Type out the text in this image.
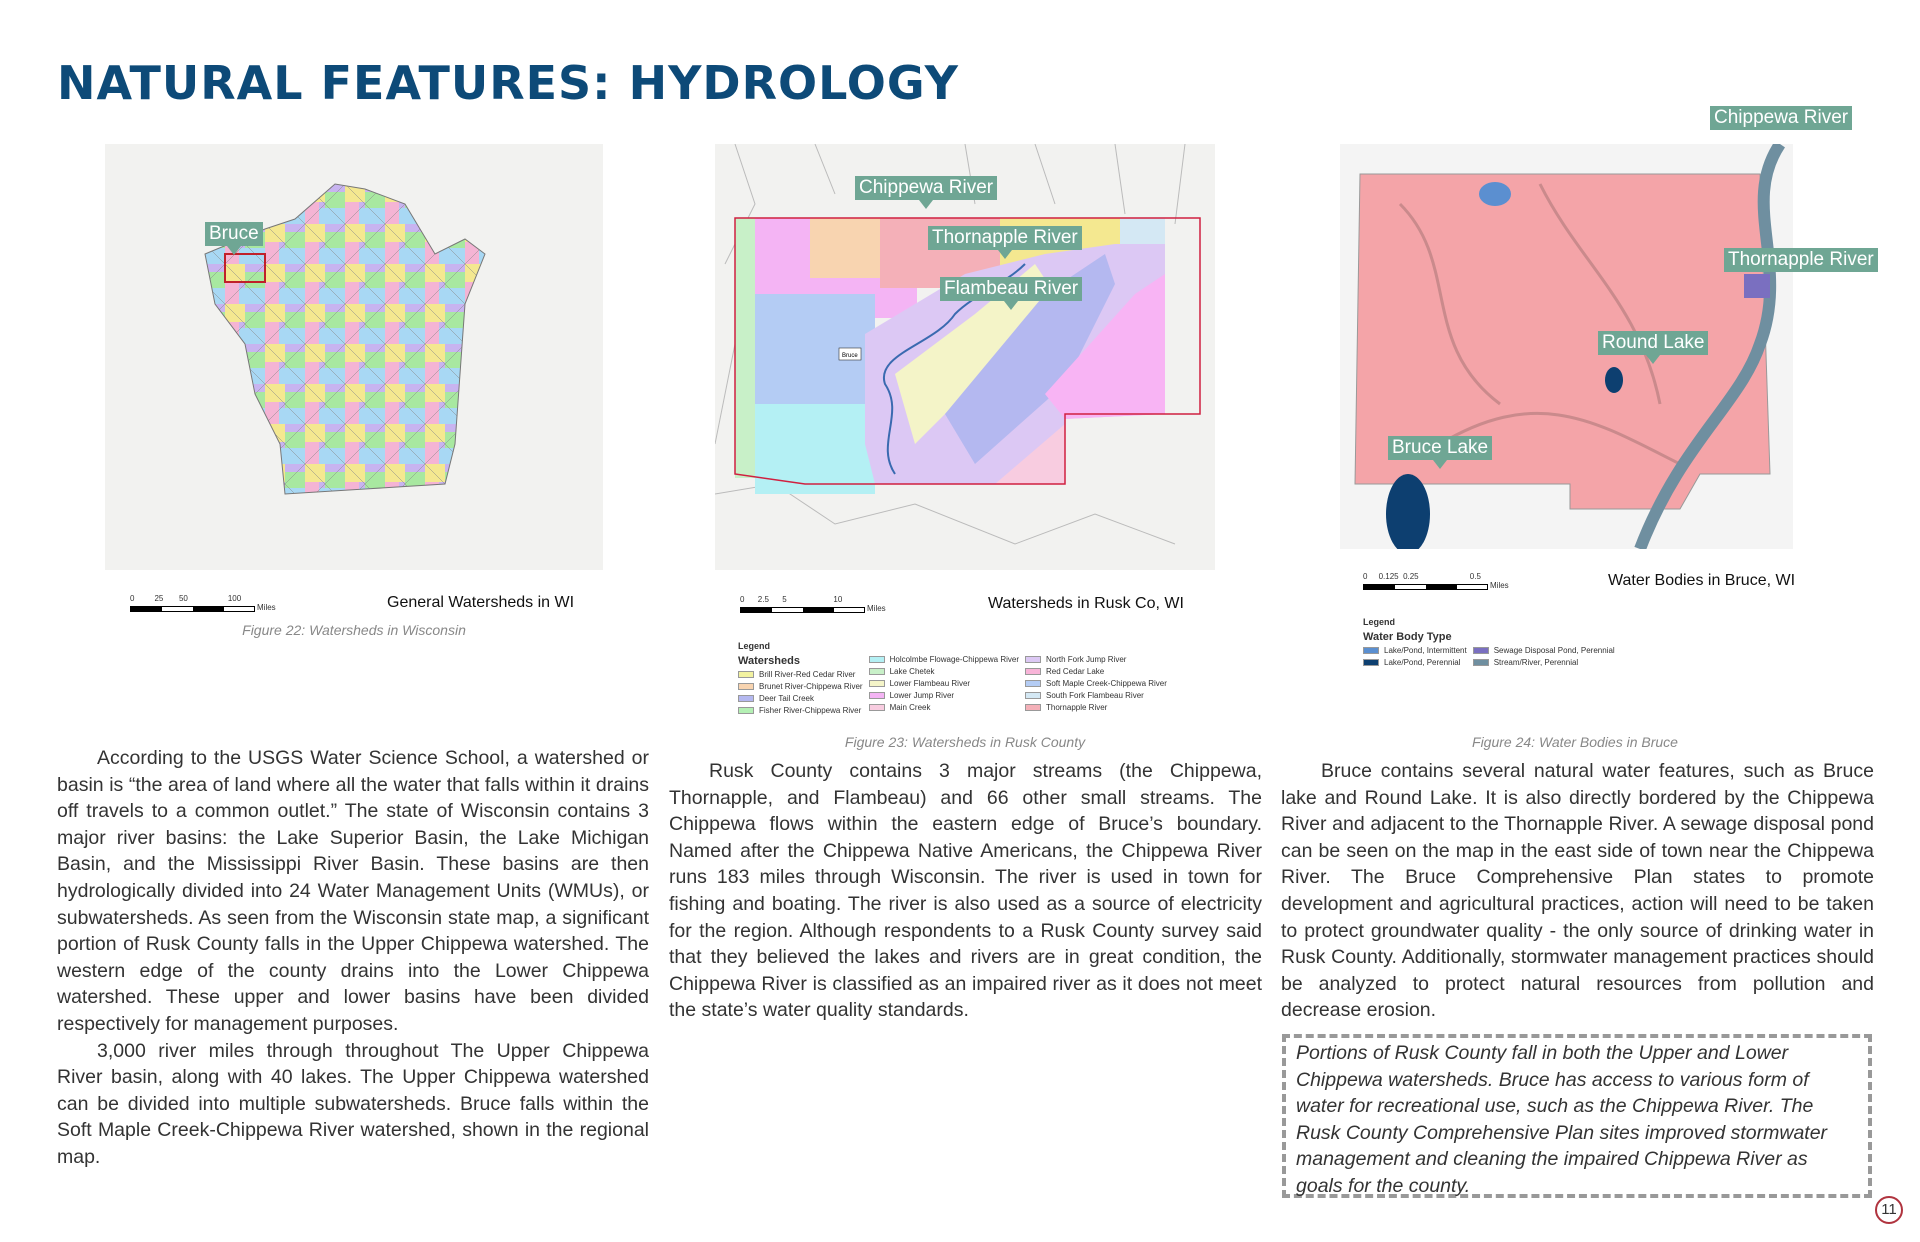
NATURAL FEATURES: HYDROLOGY
Bruce
0	25 50	100
Miles	General Watersheds in WI
Figure 22: Watersheds in Wisconsin
Bruce
Chippewa River
Thornapple River
Flambeau River
0 2.5 5	10
Miles	Watersheds in Rusk Co, WI
Legend
Watersheds
Brill River-Red Cedar River
Brunet River-Chippewa River
Deer Tail Creek
Fisher River-Chippewa River
Holcolmbe Flowage-Chippewa River
Lake Chetek
Lower Flambeau River
Lower Jump River
Main Creek
North Fork Jump River
Red Cedar Lake
Soft Maple Creek-Chippewa River
South Fork Flambeau River
Thornapple River
Figure 23: Watersheds in Rusk County
Round Lake
Bruce Lake
Chippewa River
Thornapple River
0 0.125 0.25	0.5
Miles	Water Bodies in Bruce, WI
Legend
Water Body Type
Lake/Pond, Intermittent
Lake/Pond, Perennial
Sewage Disposal Pond, Perennial
Stream/River, Perennial
Figure 24: Water Bodies in Bruce

According to the USGS Water Science School, a watershed or basin is “the area of land where all the water that falls within it drains off travels to a common outlet.” The state of Wisconsin contains 3 major river basins: the Lake Superior Basin, the Lake Michigan Basin, and the Mississippi River Basin. These basins are then hydrologically divided into 24 Water Management Units (WMUs), or subwatersheds. As seen from the Wisconsin state map, a significant portion of Rusk County falls in the Upper Chippewa watershed. The western edge of the county drains into the Lower Chippewa watershed. These upper and lower basins have been divided respectively for management purposes.

3,000 river miles through throughout The Upper Chippewa River basin, along with 40 lakes. The Upper Chippewa watershed can be divided into multiple subwatersheds. Bruce falls within the Soft Maple Creek-Chippewa River watershed, shown in the regional map.

Rusk County contains 3 major streams (the Chippewa, Thornapple, and Flambeau) and 66 other small streams. The Chippewa flows within the eastern edge of Bruce’s boundary. Named after the Chippewa Native Americans, the Chippewa River runs 183 miles through Wisconsin. The river is used in town for fishing and boating. The river is also used as a source of electricity for the region. Although respondents to a Rusk County survey said that they believed the lakes and rivers are in great condition, the Chippewa River is classified as an impaired river as it does not meet the state’s water quality standards.

Bruce contains several natural water features, such as Bruce lake and Round Lake. It is also directly bordered by the Chippewa River and adjacent to the Thornapple River. A sewage disposal pond can be seen on the map in the east side of town near the Chippewa River. The Bruce Comprehensive Plan states to promote development and agricultural practices, action will need to be taken to protect groundwater quality - the only source of drinking water in Rusk County. Additionally, stormwater management practices should be analyzed to protect natural resources from pollution and decrease erosion.

Portions of Rusk County fall in both the Upper and Lower Chippewa watersheds. Bruce has access to various form of water for recreational use, such as the Chippewa River. The Rusk County Comprehensive Plan sites improved stormwater management and cleaning the impaired Chippewa River as goals for the county.
11
